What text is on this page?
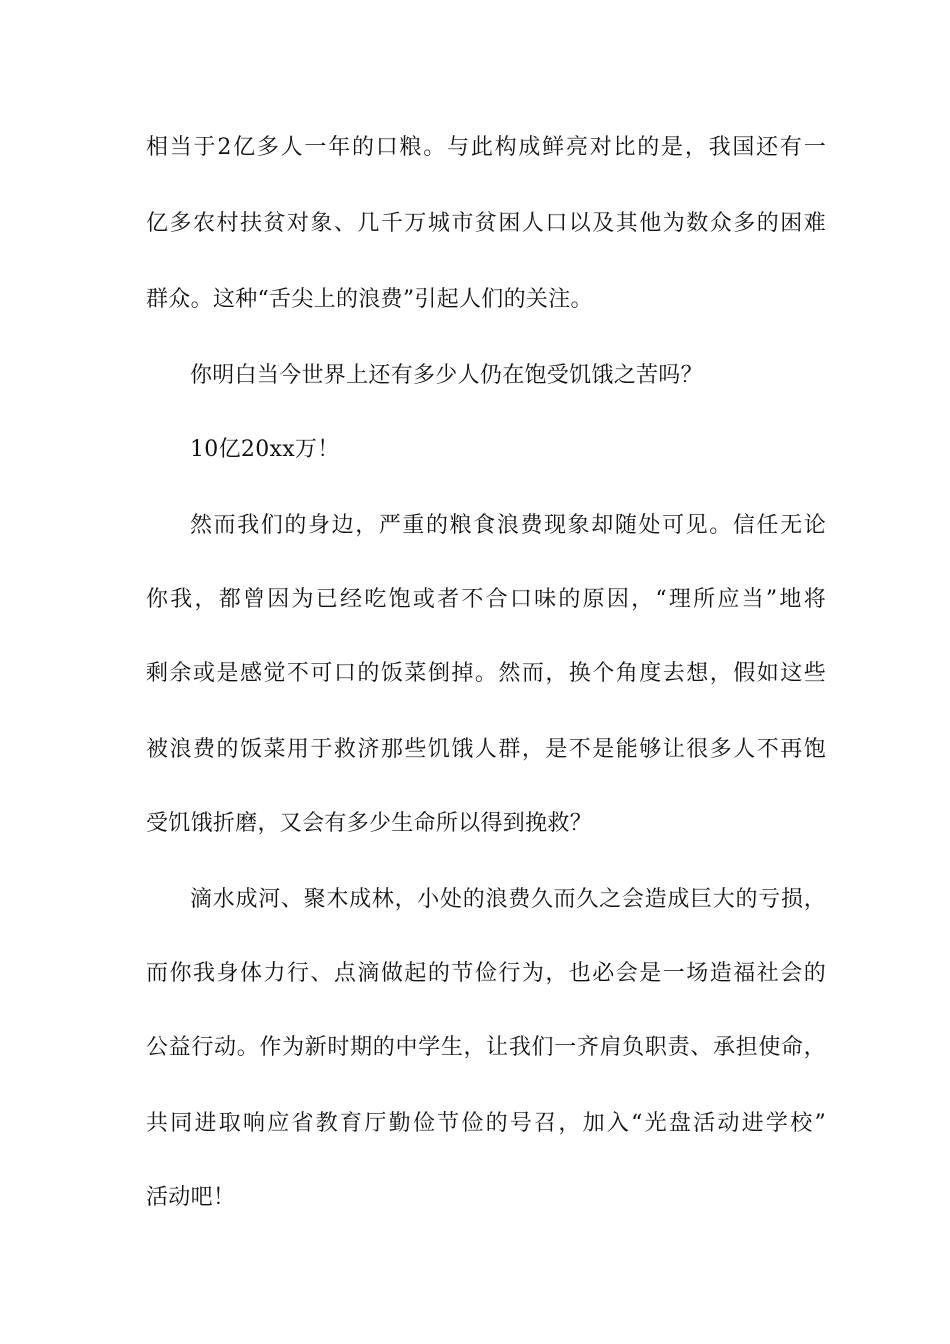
相当于2亿多人一年的口粮。与此构成鲜亮对比的是，我国还有一
亿多农村扶贫对象、几千万城市贫困人口以及其他为数众多的困难
群众。这种“舌尖上的浪费”引起人们的关注。
你明白当今世界上还有多少人仍在饱受饥饿之苦吗？
10亿20xx万！
然而我们的身边，严重的粮食浪费现象却随处可见。信任无论
你我，都曾因为已经吃饱或者不合口味的原因，“理所应当”地将
剩余或是感觉不可口的饭菜倒掉。然而，换个角度去想，假如这些
被浪费的饭菜用于救济那些饥饿人群，是不是能够让很多人不再饱
受饥饿折磨，又会有多少生命所以得到挽救？
滴水成河、聚木成林，小处的浪费久而久之会造成巨大的亏损，
而你我身体力行、点滴做起的节俭行为，也必会是一场造福社会的
公益行动。作为新时期的中学生，让我们一齐肩负职责、承担使命，
共同进取响应省教育厅勤俭节俭的号召，加入“光盘活动进学校”
活动吧！
